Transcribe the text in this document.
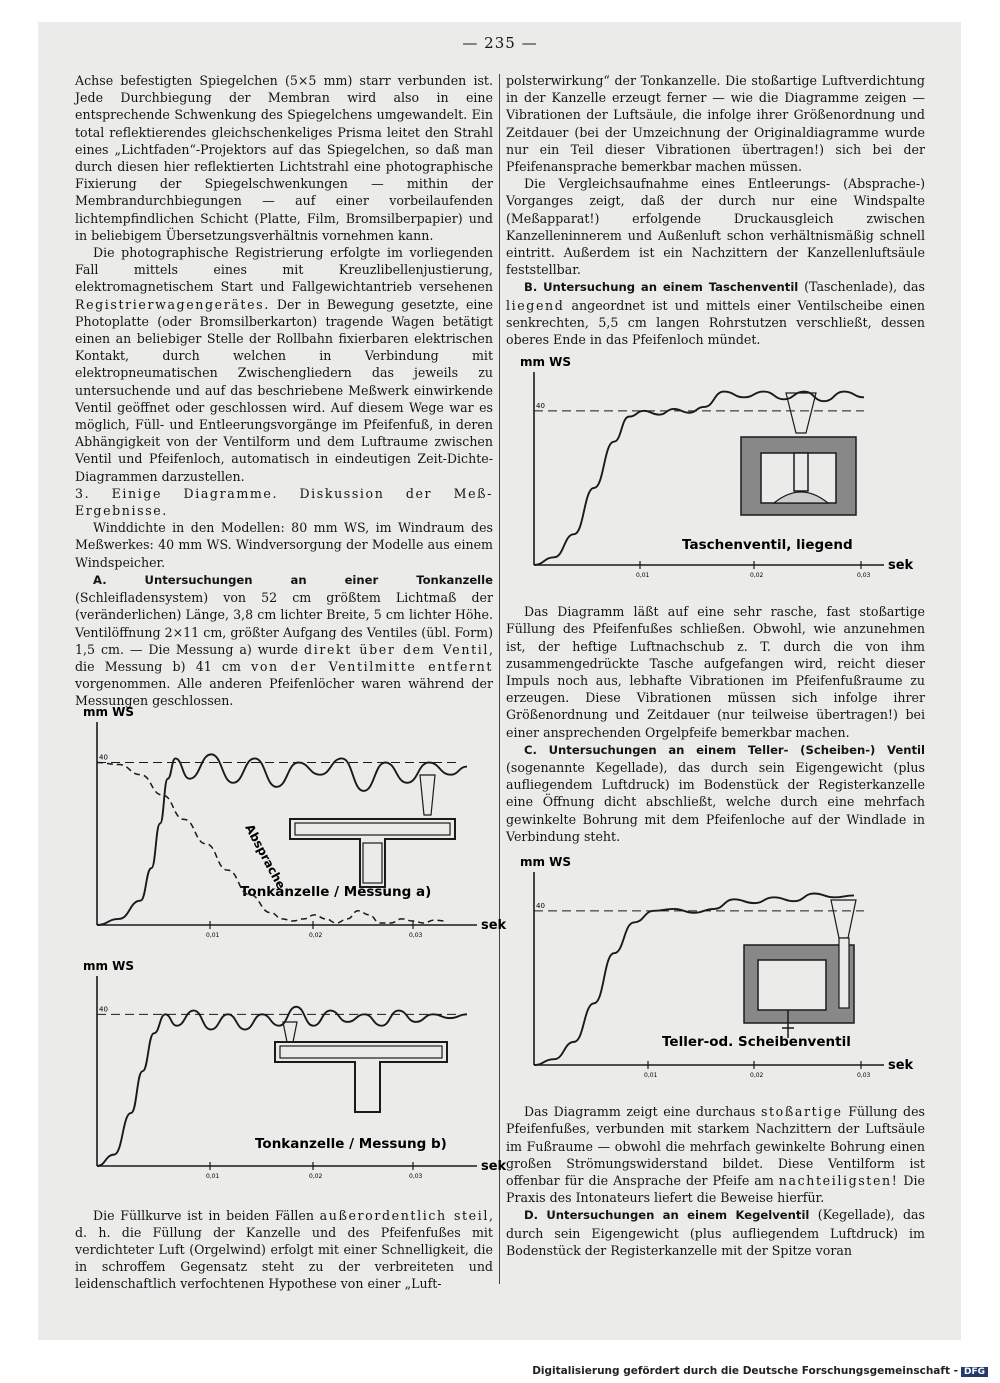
— 235 —

Achse befestigten Spiegelchen (5×5 mm) starr verbunden ist. Jede Durchbiegung der Membran wird also in eine entsprechende Schwenkung des Spiegelchens umgewandelt. Ein total reflektierendes gleichschenkeliges Prisma leitet den Strahl eines „Lichtfaden“-Projektors auf das Spiegelchen, so daß man durch diesen hier reflektierten Lichtstrahl eine photographische Fixierung der Spiegelschwenkungen — mithin der Membrandurchbiegungen — auf einer vorbeilaufenden lichtempfindlichen Schicht (Platte, Film, Bromsilberpapier) und in beliebigem Übersetzungsverhältnis vornehmen kann.

Die photographische Registrierung erfolgte im vorliegenden Fall mittels eines mit Kreuzlibellenjustierung, elektromagnetischem Start und Fallgewichtantrieb versehenen Registrierwagengerätes. Der in Bewegung gesetzte, eine Photoplatte (oder Bromsilberkarton) tragende Wagen betätigt einen an beliebiger Stelle der Rollbahn fixierbaren elektrischen Kontakt, durch welchen in Verbindung mit elektropneumatischen Zwischengliedern das jeweils zu untersuchende und auf das beschriebene Meßwerk einwirkende Ventil geöffnet oder geschlossen wird. Auf diesem Wege war es möglich, Füll- und Entleerungsvorgänge im Pfeifenfuß, in deren Abhängigkeit von der Ventilform und dem Luftraume zwischen Ventil und Pfeifenloch, automatisch in eindeutigen Zeit-Dichte-Diagrammen darzustellen.

3. Einige Diagramme. Diskussion der Meß-Ergebnisse.

Winddichte in den Modellen: 80 mm WS, im Windraum des Meßwerkes: 40 mm WS. Windversorgung der Modelle aus einem Windspeicher.

A. Untersuchungen an einer Tonkanzelle (Schleifladensystem) von 52 cm größtem Lichtmaß der (veränderlichen) Länge, 3,8 cm lichter Breite, 5 cm lichter Höhe. Ventilöffnung 2×11 cm, größter Aufgang des Ventiles (übl. Form) 1,5 cm. — Die Messung a) wurde direkt über dem Ventil, die Messung b) 41 cm von der Ventilmitte entfernt vorgenommen. Alle anderen Pfeifenlöcher waren während der Messungen geschlossen.

mm WS
40
0,01	0,02	0,03
sek
Tonkanzelle / Messung a)
Absprache
mm WS
40
0,01	0,02	0,03
sek
Tonkanzelle / Messung b)

Die Füllkurve ist in beiden Fällen außerordentlich steil, d. h. die Füllung der Kanzelle und des Pfeifenfußes mit verdichteter Luft (Orgelwind) erfolgt mit einer Schnelligkeit, die in schroffem Gegensatz steht zu der verbreiteten und leidenschaftlich verfochtenen Hypothese von einer „Luft-

polsterwirkung“ der Tonkanzelle. Die stoßartige Luftverdichtung in der Kanzelle erzeugt ferner — wie die Diagramme zeigen — Vibrationen der Luftsäule, die infolge ihrer Größenordnung und Zeitdauer (bei der Umzeichnung der Originaldiagramme wurde nur ein Teil dieser Vibrationen übertragen!) sich bei der Pfeifenansprache bemerkbar machen müssen.

Die Vergleichsaufnahme eines Entleerungs- (Absprache-) Vorganges zeigt, daß der durch nur eine Windspalte (Meßapparat!) erfolgende Druckausgleich zwischen Kanzelleninnerem und Außenluft schon verhältnismäßig schnell eintritt. Außerdem ist ein Nachzittern der Kanzellenluftsäule feststellbar.

B. Untersuchung an einem Taschenventil (Taschenlade), das liegend angeordnet ist und mittels einer Ventilscheibe einen senkrechten, 5,5 cm langen Rohrstutzen verschließt, dessen oberes Ende in das Pfeifenloch mündet.

mm WS
40
0,01	0,02	0,03
sek
Taschenventil, liegend

Das Diagramm läßt auf eine sehr rasche, fast stoßartige Füllung des Pfeifenfußes schließen. Obwohl, wie anzunehmen ist, der heftige Luftnachschub z. T. durch die von ihm zusammengedrückte Tasche aufgefangen wird, reicht dieser Impuls noch aus, lebhafte Vibrationen im Pfeifenfußraume zu erzeugen. Diese Vibrationen müssen sich infolge ihrer Größenordnung und Zeitdauer (nur teilweise übertragen!) bei einer ansprechenden Orgelpfeife bemerkbar machen.

C. Untersuchungen an einem Teller- (Scheiben-) Ventil (sogenannte Kegellade), das durch sein Eigengewicht (plus aufliegendem Luftdruck) im Bodenstück der Registerkanzelle eine Öffnung dicht abschließt, welche durch eine mehrfach gewinkelte Bohrung mit dem Pfeifenloche auf der Windlade in Verbindung steht.

mm WS
40
0,01	0,02	0,03
sek
Teller-od. Scheibenventil

Das Diagramm zeigt eine durchaus stoßartige Füllung des Pfeifenfußes, verbunden mit starkem Nachzittern der Luftsäule im Fußraume — obwohl die mehrfach gewinkelte Bohrung einen großen Strömungswiderstand bildet. Diese Ventilform ist offenbar für die Ansprache der Pfeife am nachteiligsten! Die Praxis des Intonateurs liefert die Beweise hierfür.

D. Untersuchungen an einem Kegelventil (Kegellade), das durch sein Eigengewicht (plus aufliegendem Luftdruck) im Bodenstück der Registerkanzelle mit der Spitze voran

Digitalisierung gefördert durch die Deutsche Forschungsgemeinschaft - DFG
